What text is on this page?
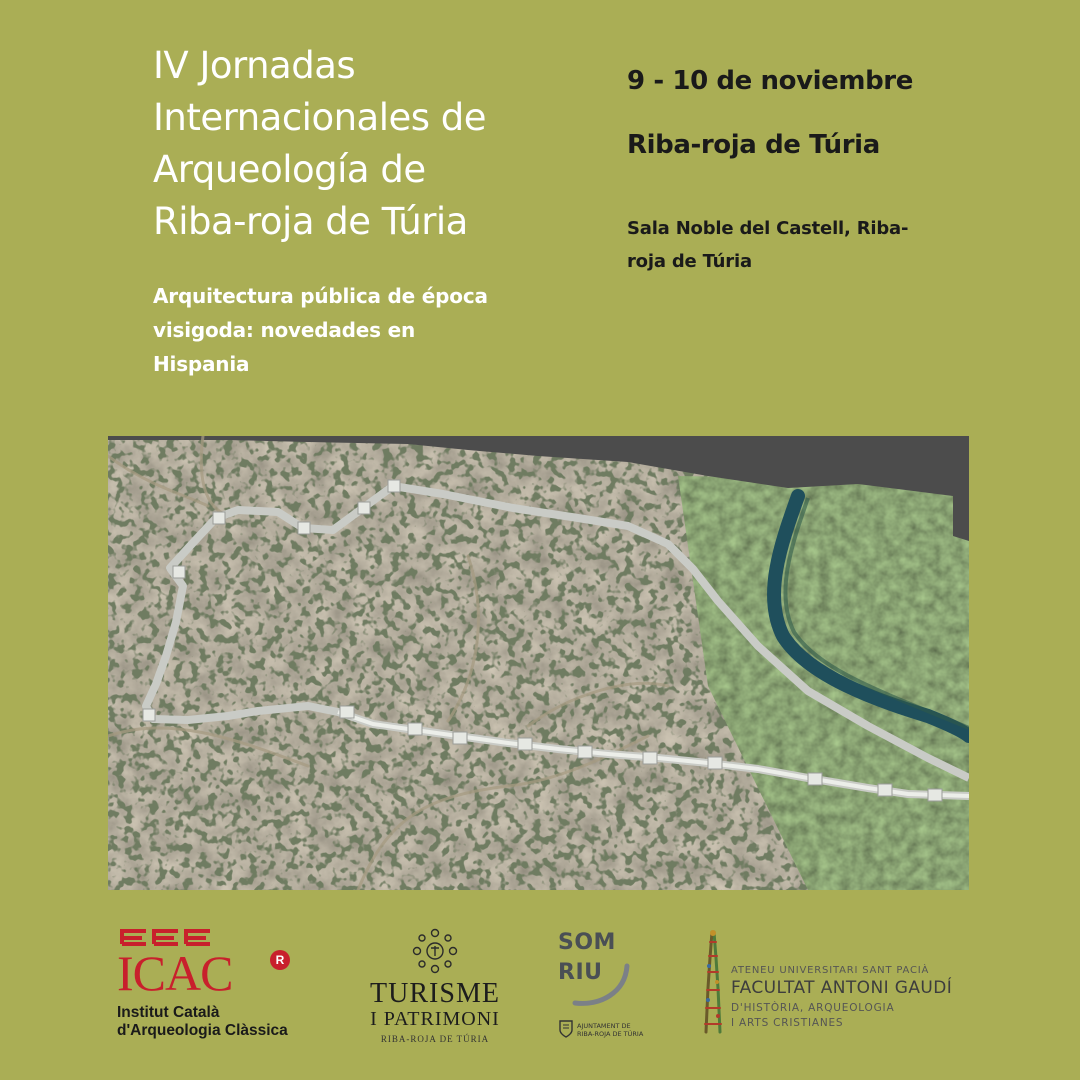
IV Jornadas
Internacionales de
Arqueología de
Riba-roja de Túria
Arquitectura pública de época
visigoda: novedades en
Hispania

9 - 10 de noviembre

Riba-roja de Túria

Sala Noble del Castell, Riba-
roja de Túria

ICAC	R
Institut Català
d'Arqueologia Clàssica
TURISME
I PATRIMONI
RIBA-ROJA DE TÚRIA
SOM
RIU
AJUNTAMENT DE
RIBA-ROJA DE TÚRIA
ATENEU UNIVERSITARI SANT PACIÀ
FACULTAT ANTONI GAUDÍ
D'HISTÒRIA, ARQUEOLOGIA
I ARTS CRISTIANES
